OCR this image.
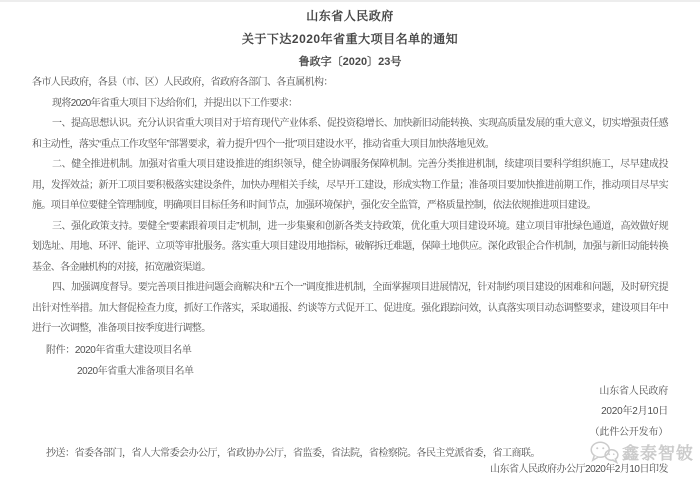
山东省人民政府
关于下达2020年省重大项目名单的通知
鲁政字〔2020〕23号

各市人民政府，各县（市、区）人民政府，省政府各部门、各直属机构：

现将2020年省重大项目下达给你们，并提出以下工作要求：

一、提高思想认识。充分认识省重大项目对于培育现代产业体系、促投资稳增长、加快新旧动能转换、实现高质量发展的重大意义，切实增强责任感和主动性，落实“重点工作攻坚年”部署要求，着力提升“四个一批”项目建设水平，推动省重大项目加快落地见效。

二、健全推进机制。加强对省重大项目建设推进的组织领导，健全协调服务保障机制。完善分类推进机制，续建项目要科学组织施工，尽早建成投用，发挥效益；新开工项目要积极落实建设条件，加快办理相关手续，尽早开工建设，形成实物工作量；准备项目要加快推进前期工作，推动项目尽早实施。项目单位要健全管理制度，明确项目目标任务和时间节点，加强环境保护，强化安全监管，严格质量控制，依法依规推进项目建设。

三、强化政策支持。要健全“要素跟着项目走”机制，进一步集聚和创新各类支持政策，优化重大项目建设环境。建立项目审批绿色通道，高效做好规划选址、用地、环评、能评、立项等审批服务。落实重大项目建设用地指标，破解拆迁难题，保障土地供应。深化政银企合作机制，加强与新旧动能转换基金、各金融机构的对接，拓宽融资渠道。

四、加强调度督导。要完善项目推进问题会商解决和“五个一”调度推进机制，全面掌握项目进展情况，针对制约项目建设的困难和问题，及时研究提出针对性举措。加大督促检查力度，抓好工作落实，采取通报、约谈等方式促开工、促进度。强化跟踪问效，认真落实项目动态调整要求，建设项目年中进行一次调整，准备项目按季度进行调整。

附件：2020年省重大建设项目名单

2020年省重大准备项目名单

山东省人民政府

2020年2月10日

（此件公开发布）

抄送：省委各部门，省人大常委会办公厅，省政协办公厅，省监委，省法院，省检察院。各民主党派省委，省工商联。

山东省人民政府办公厅2020年2月10日印发

鑫泰智铍
